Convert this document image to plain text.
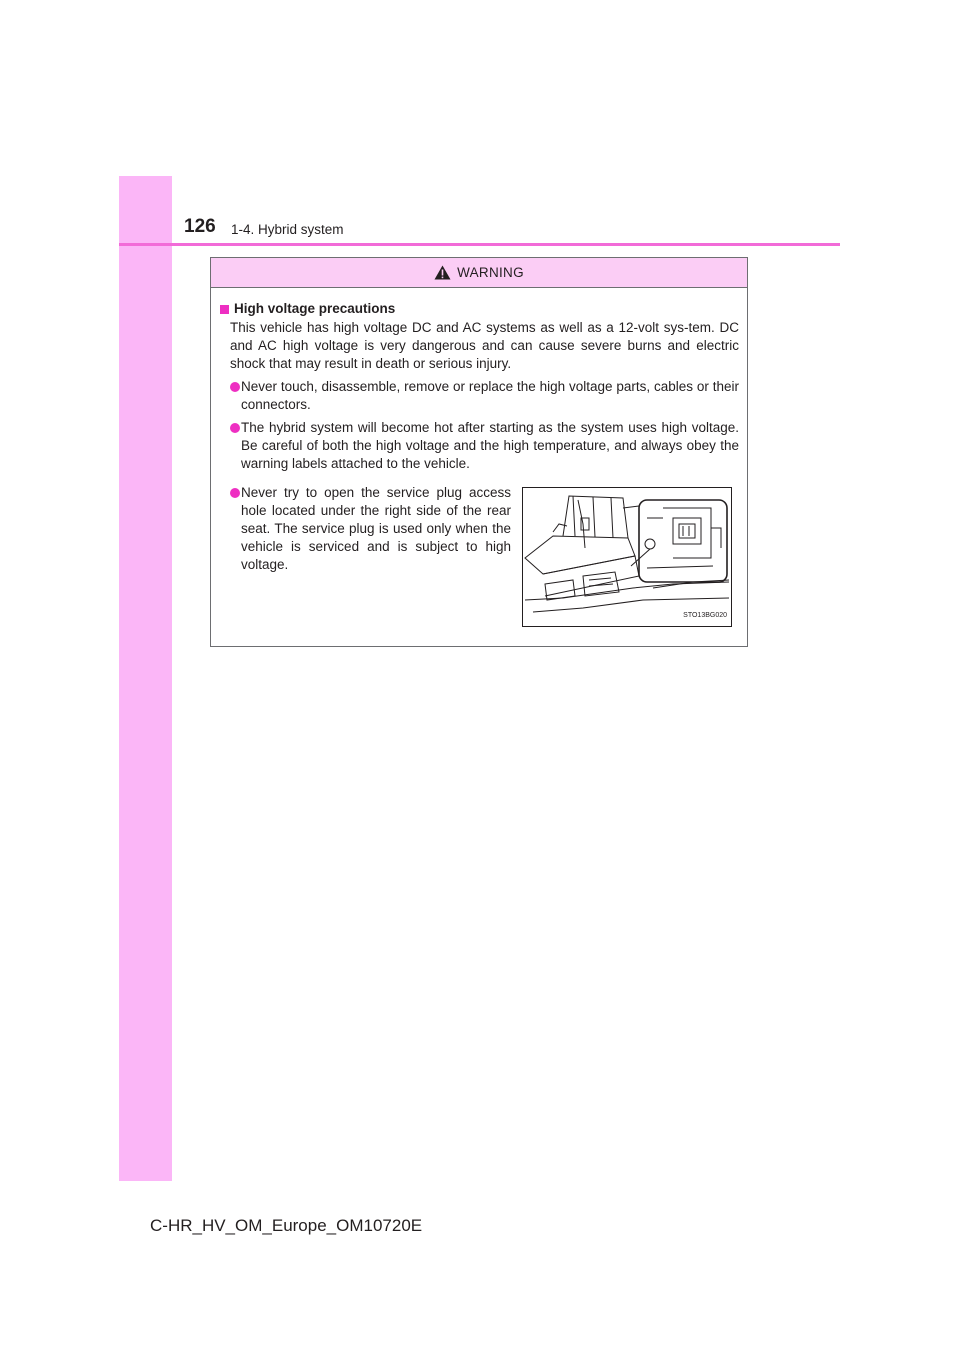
126 1-4. Hybrid system
WARNING
High voltage precautions
This vehicle has high voltage DC and AC systems as well as a 12-volt sys-tem. DC and AC high voltage is very dangerous and can cause severe burns and electric shock that may result in death or serious injury.
Never touch, disassemble, remove or replace the high voltage parts, cables or their connectors.
The hybrid system will become hot after starting as the system uses high voltage. Be careful of both the high voltage and the high temperature, and always obey the warning labels attached to the vehicle.
Never try to open the service plug access hole located under the right side of the rear seat. The service plug is used only when the vehicle is serviced and is subject to high voltage.
STO13BG020
C-HR_HV_OM_Europe_OM10720E
